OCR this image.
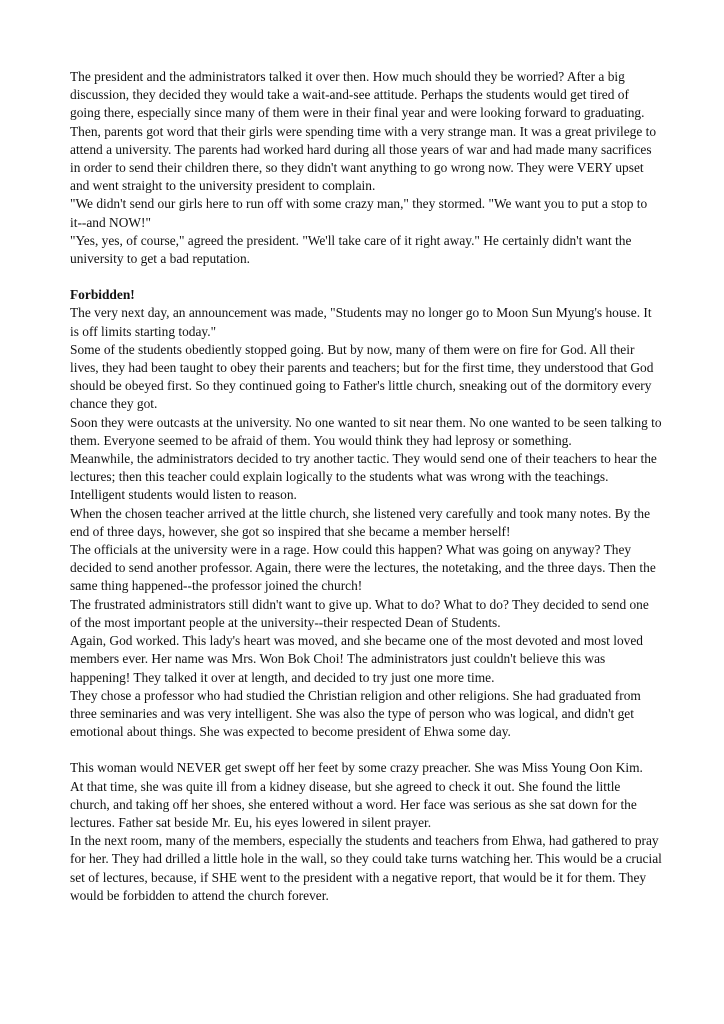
The president and the administrators talked it over then. How much should they be worried? After a big discussion, they decided they would take a wait-and-see attitude. Perhaps the students would get tired of going there, especially since many of them were in their final year and were looking forward to graduating.

Then, parents got word that their girls were spending time with a very strange man. It was a great privilege to attend a university. The parents had worked hard during all those years of war and had made many sacrifices in order to send their children there, so they didn't want anything to go wrong now. They were VERY upset and went straight to the university president to complain.

"We didn't send our girls here to run off with some crazy man," they stormed. "We want you to put a stop to it--and NOW!"

"Yes, yes, of course," agreed the president. "We'll take care of it right away." He certainly didn't want the university to get a bad reputation.

Forbidden!

The very next day, an announcement was made, "Students may no longer go to Moon Sun Myung's house. It is off limits starting today."

Some of the students obediently stopped going. But by now, many of them were on fire for God. All their lives, they had been taught to obey their parents and teachers; but for the first time, they understood that God should be obeyed first. So they continued going to Father's little church, sneaking out of the dormitory every chance they got.

Soon they were outcasts at the university. No one wanted to sit near them. No one wanted to be seen talking to them. Everyone seemed to be afraid of them. You would think they had leprosy or something.

Meanwhile, the administrators decided to try another tactic. They would send one of their teachers to hear the lectures; then this teacher could explain logically to the students what was wrong with the teachings. Intelligent students would listen to reason.

When the chosen teacher arrived at the little church, she listened very carefully and took many notes. By the end of three days, however, she got so inspired that she became a member herself!

The officials at the university were in a rage. How could this happen? What was going on anyway? They decided to send another professor. Again, there were the lectures, the notetaking, and the three days. Then the same thing happened--the professor joined the church!

The frustrated administrators still didn't want to give up. What to do? What to do? They decided to send one of the most important people at the university--their respected Dean of Students.

Again, God worked. This lady's heart was moved, and she became one of the most devoted and most loved members ever. Her name was Mrs. Won Bok Choi! The administrators just couldn't believe this was happening! They talked it over at length, and decided to try just one more time.

They chose a professor who had studied the Christian religion and other religions. She had graduated from three seminaries and was very intelligent. She was also the type of person who was logical, and didn't get emotional about things. She was expected to become president of Ehwa some day.

This woman would NEVER get swept off her feet by some crazy preacher. She was Miss Young Oon Kim.

At that time, she was quite ill from a kidney disease, but she agreed to check it out. She found the little church, and taking off her shoes, she entered without a word. Her face was serious as she sat down for the lectures. Father sat beside Mr. Eu, his eyes lowered in silent prayer.

In the next room, many of the members, especially the students and teachers from Ehwa, had gathered to pray for her. They had drilled a little hole in the wall, so they could take turns watching her. This would be a crucial set of lectures, because, if SHE went to the president with a negative report, that would be it for them. They would be forbidden to attend the church forever.
